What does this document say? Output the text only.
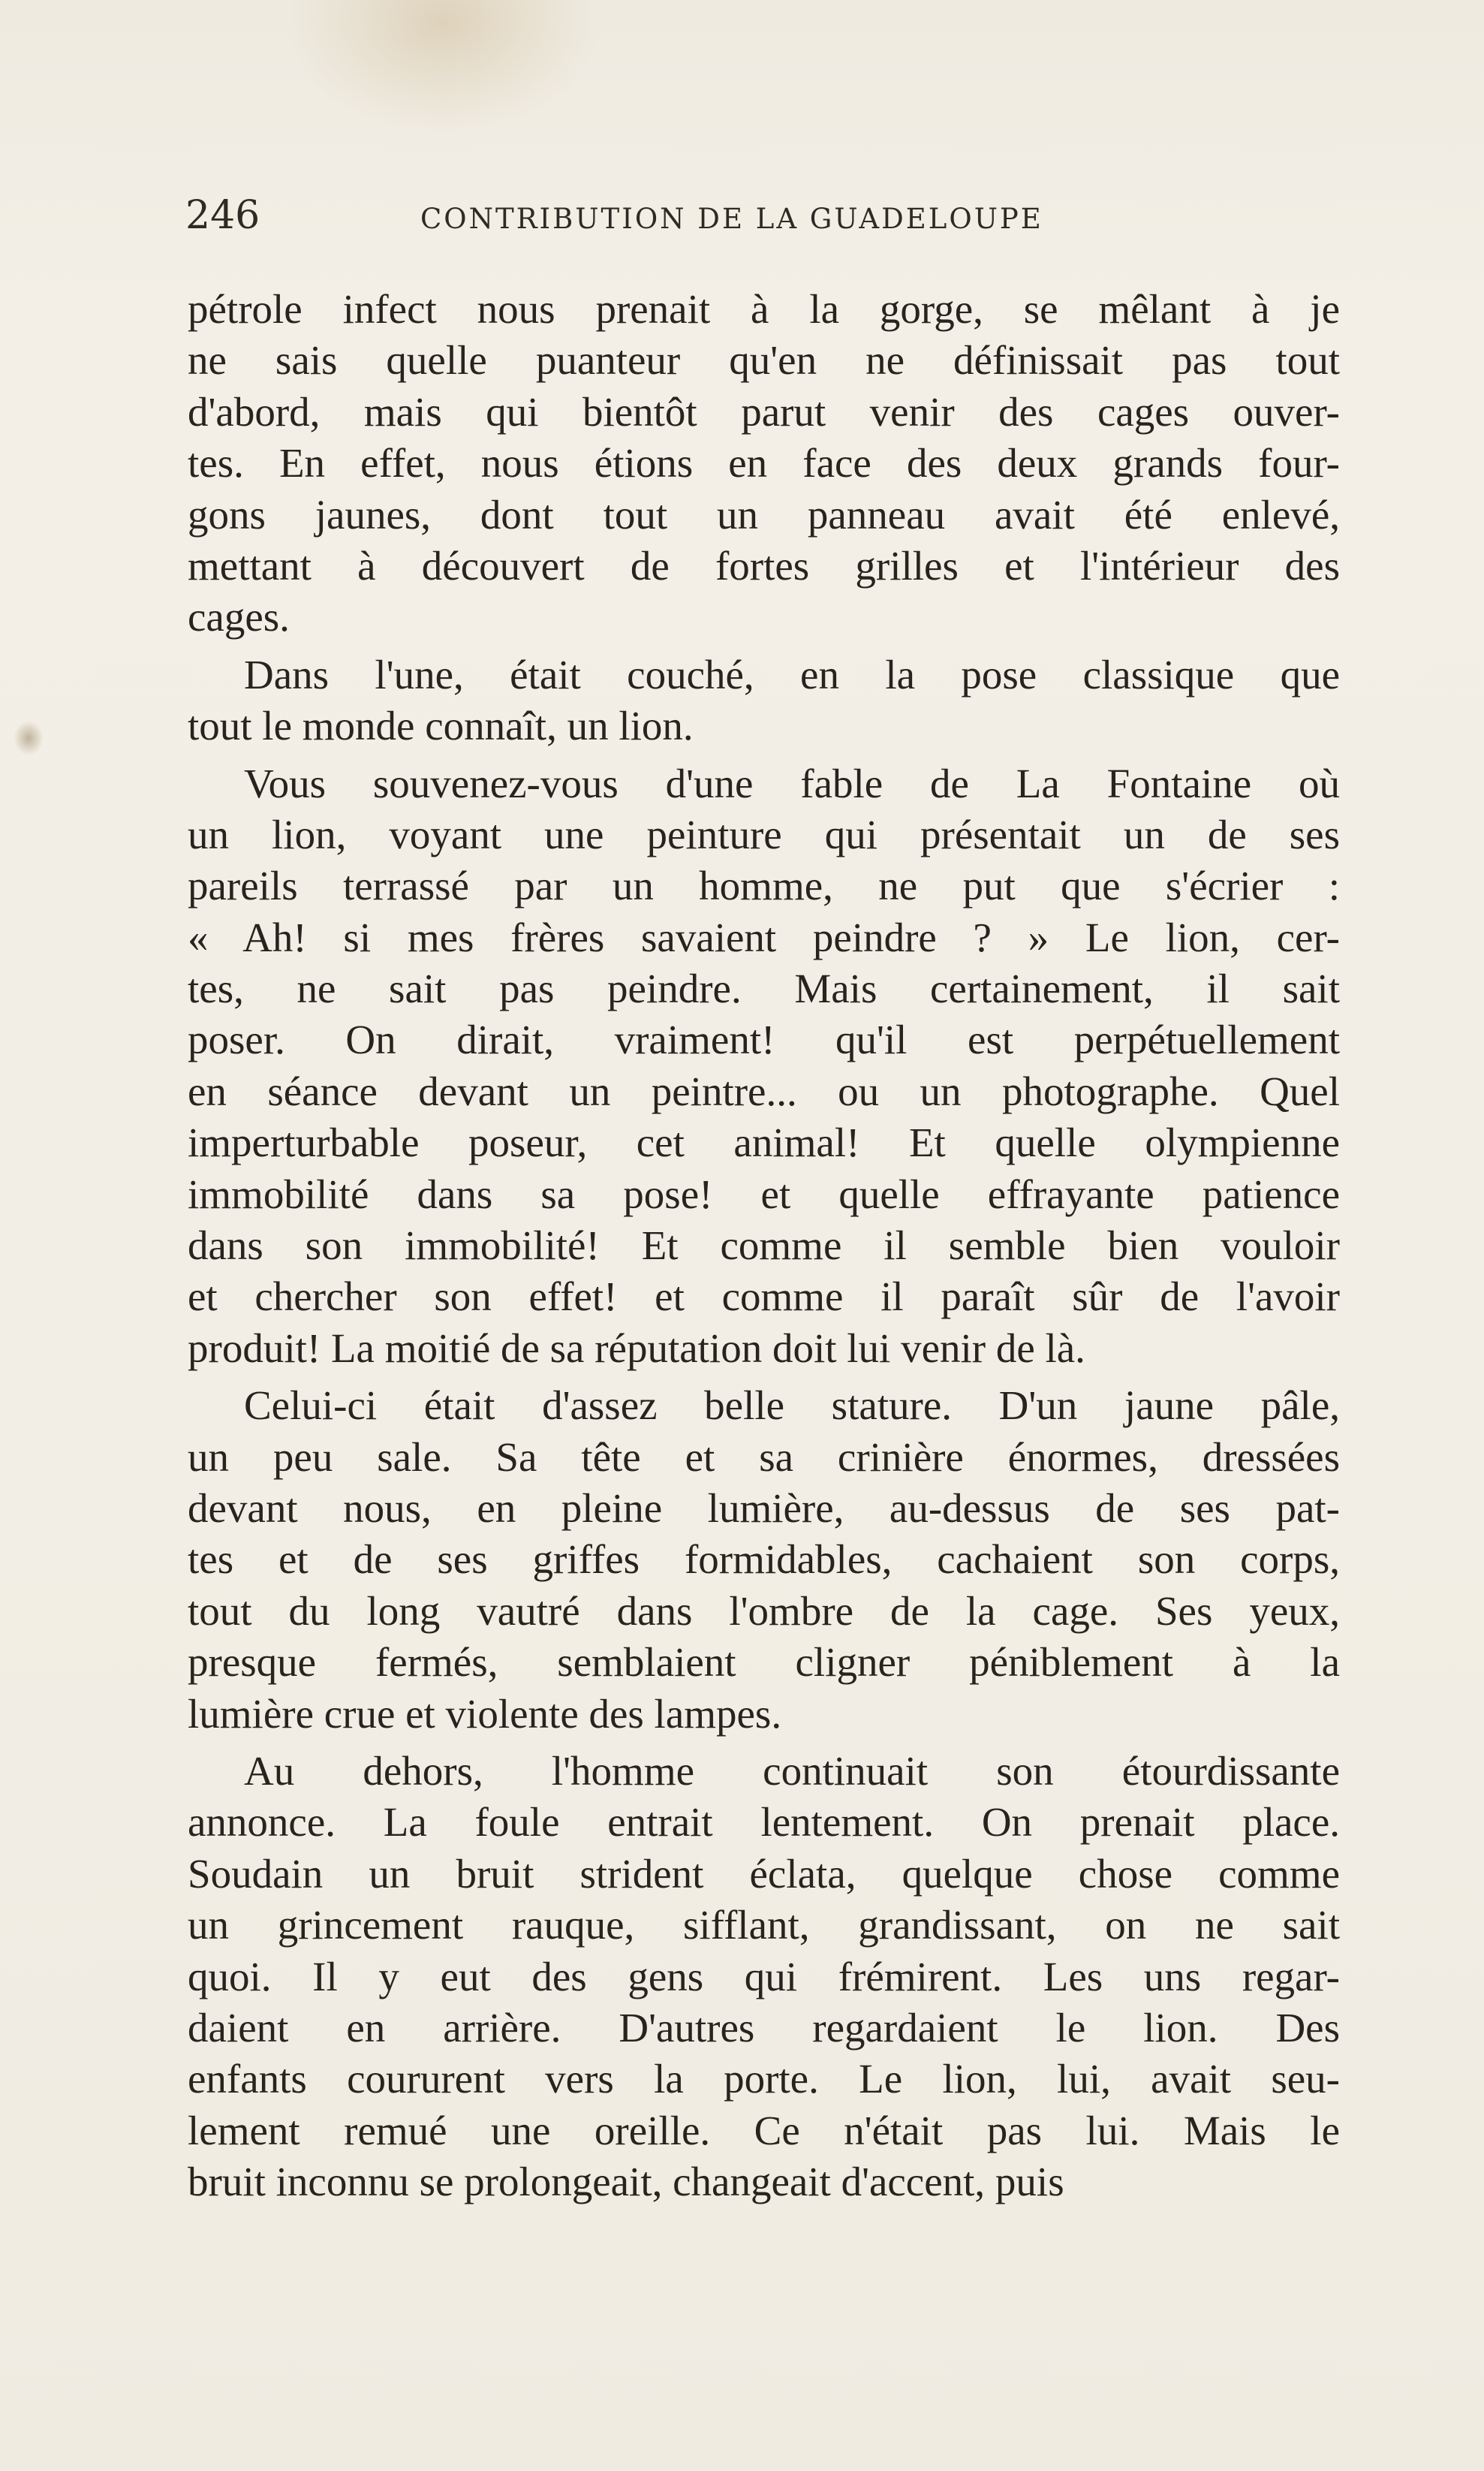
246	CONTRIBUTION DE LA GUADELOUPE
pétrole infect nous prenait à la gorge, se mêlant à je
ne sais quelle puanteur qu'en ne définissait pas tout
d'abord, mais qui bientôt parut venir des cages ouver-
tes. En effet, nous étions en face des deux grands four-
gons jaunes, dont tout un panneau avait été enlevé,
mettant à découvert de fortes grilles et l'intérieur des
cages.
Dans l'une, était couché, en la pose classique que
tout le monde connaît, un lion.
Vous souvenez-vous d'une fable de La Fontaine où
un lion, voyant une peinture qui présentait un de ses
pareils terrassé par un homme, ne put que s'écrier :
« Ah! si mes frères savaient peindre ? » Le lion, cer-
tes, ne sait pas peindre. Mais certainement, il sait
poser. On dirait, vraiment! qu'il est perpétuellement
en séance devant un peintre... ou un photographe. Quel
imperturbable poseur, cet animal! Et quelle olympienne
immobilité dans sa pose! et quelle effrayante patience
dans son immobilité! Et comme il semble bien vouloir
et chercher son effet! et comme il paraît sûr de l'avoir
produit! La moitié de sa réputation doit lui venir de là.
Celui-ci était d'assez belle stature. D'un jaune pâle,
un peu sale. Sa tête et sa crinière énormes, dressées
devant nous, en pleine lumière, au-dessus de ses pat-
tes et de ses griffes formidables, cachaient son corps,
tout du long vautré dans l'ombre de la cage. Ses yeux,
presque fermés, semblaient cligner péniblement à la
lumière crue et violente des lampes.
Au dehors, l'homme continuait son étourdissante
annonce. La foule entrait lentement. On prenait place.
Soudain un bruit strident éclata, quelque chose comme
un grincement rauque, sifflant, grandissant, on ne sait
quoi. Il y eut des gens qui frémirent. Les uns regar-
daient en arrière. D'autres regardaient le lion. Des
enfants coururent vers la porte. Le lion, lui, avait seu-
lement remué une oreille. Ce n'était pas lui. Mais le
bruit inconnu se prolongeait, changeait d'accent, puis
